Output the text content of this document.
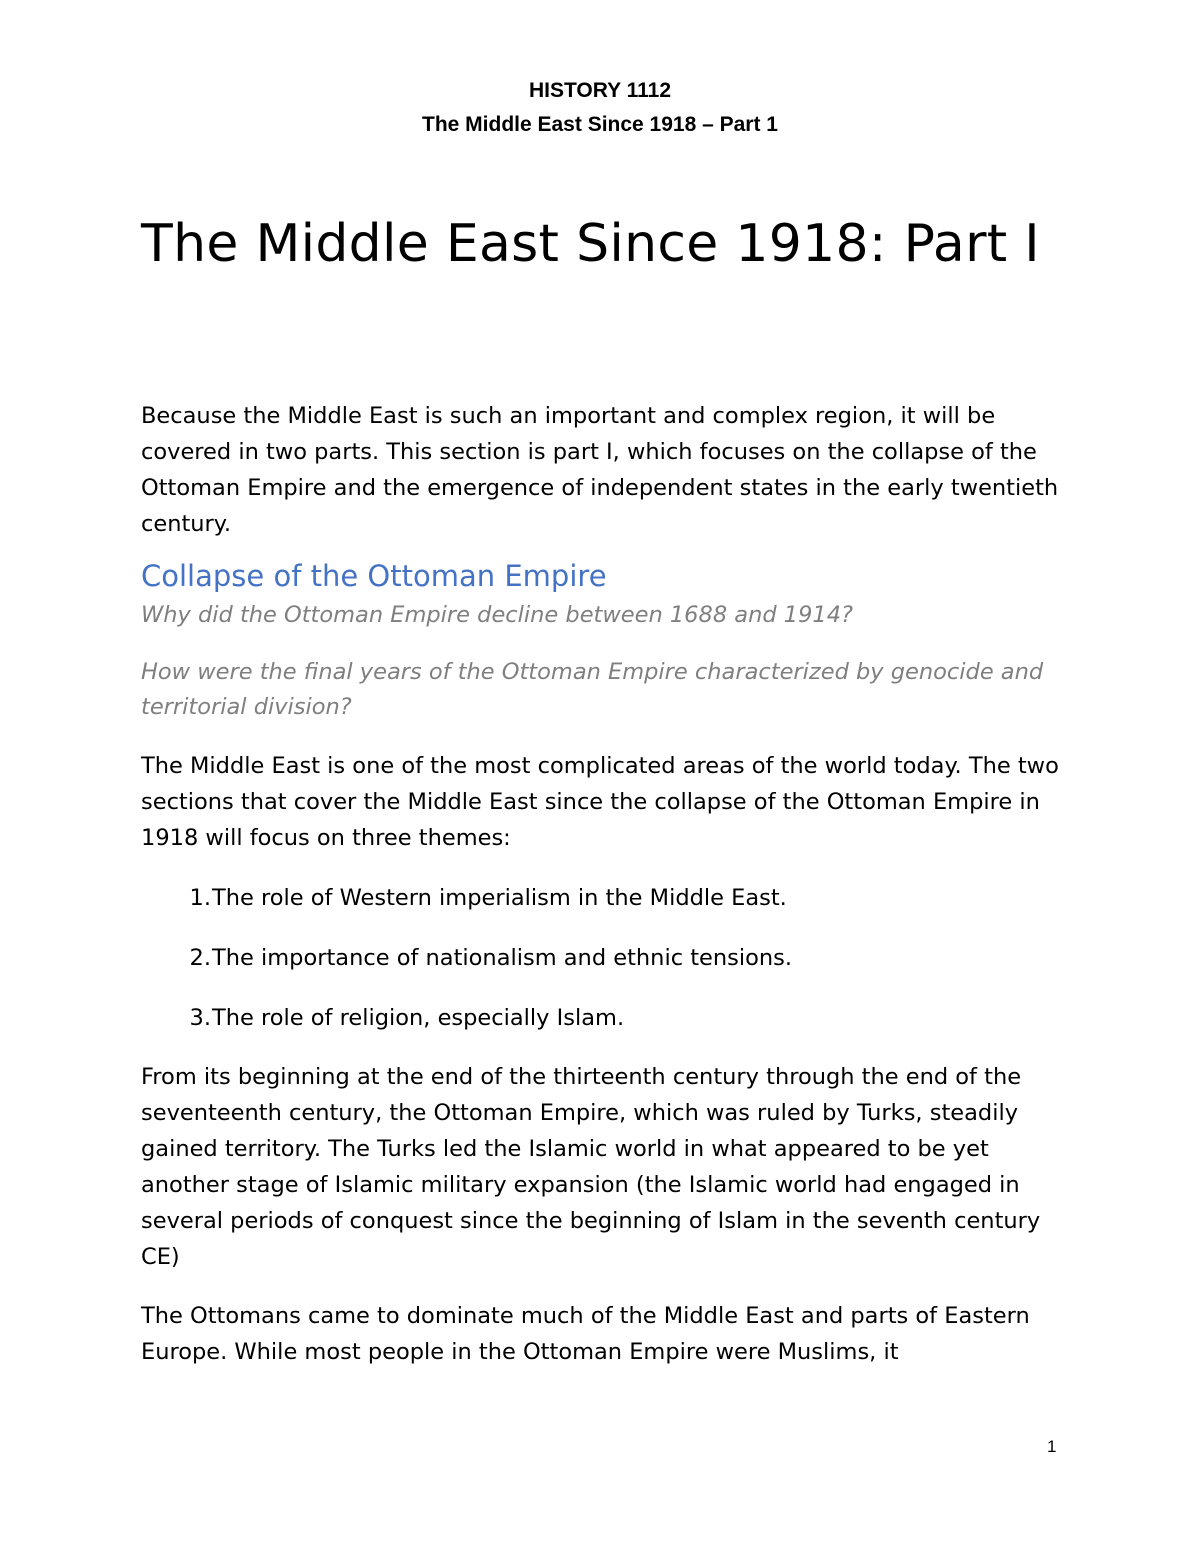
HISTORY 1112
The Middle East Since 1918 – Part 1
The Middle East Since 1918: Part I

Because the Middle East is such an important and complex region, it will be covered in two parts. This section is part I, which focuses on the collapse of the Ottoman Empire and the emergence of independent states in the early twentieth century.

Collapse of the Ottoman Empire

Why did the Ottoman Empire decline between 1688 and 1914?

How were the final years of the Ottoman Empire characterized by genocide and territorial division?

The Middle East is one of the most complicated areas of the world today. The two sections that cover the Middle East since the collapse of the Ottoman Empire in 1918 will focus on three themes:

1. The role of Western imperialism in the Middle East.
2. The importance of nationalism and ethnic tensions.
3. The role of religion, especially Islam.

From its beginning at the end of the thirteenth century through the end of the seventeenth century, the Ottoman Empire, which was ruled by Turks, steadily gained territory. The Turks led the Islamic world in what appeared to be yet another stage of Islamic military expansion (the Islamic world had engaged in several periods of conquest since the beginning of Islam in the seventh century CE)

The Ottomans came to dominate much of the Middle East and parts of Eastern Europe. While most people in the Ottoman Empire were Muslims, it

1
